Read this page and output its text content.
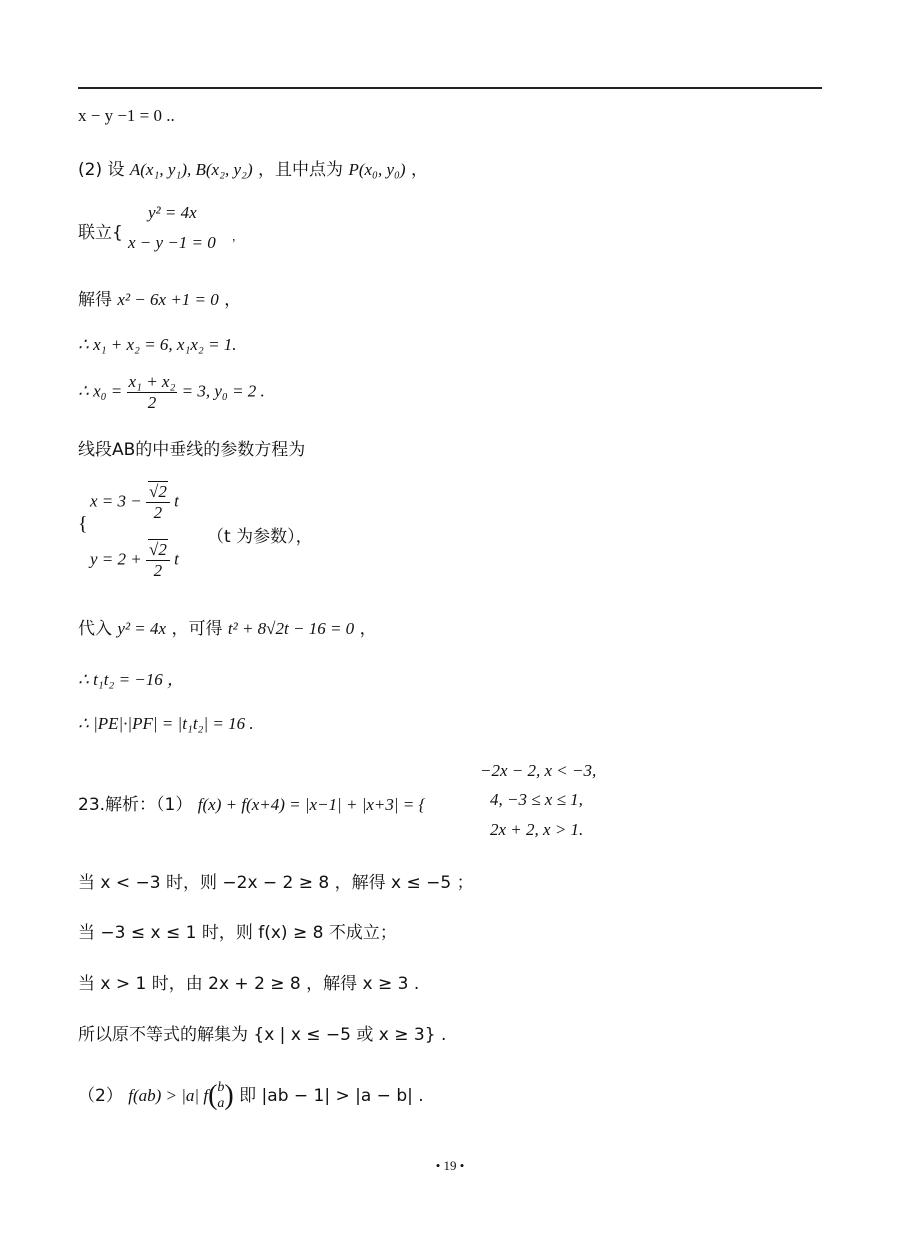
x − y −1 = 0 ..
(2) 设 A(x₁, y₁), B(x₂, y₂) ，且中点为 P(x₀, y₀) ，
联立{
y² = 4x
x − y −1 = 0 ，
解得 x² − 6x +1 = 0 ，
∴ x₁ + x₂ = 6, x₁x₂ = 1.
∴ $x_0 = \frac{\text{x₁ + x₂}}{2} = 3$, y₀ = 2 .
线段AB的中垂线的参数方程为
{
$x = 3 - \frac{√2}{2}$ t
$y = 2 + \frac{√2}{2}$ t
（t 为参数），
代入 y² = 4x ，可得 t² + 8√2t − 16 = 0 ，
∴ t₁t₂ = −16 ，
∴ |PE|·|PF| = |t₁t₂| = 16 .
23.解析：（1） f(x) + f(x+4) = |x−1| + |x+3| = {
−2x − 2, x < −3,
4, −3 ≤ x ≤ 1,
2x + 2, x > 1.
当 x < −3 时，则 −2x − 2 ≥ 8 ，解得 x ≤ −5 ；
当 −3 ≤ x ≤ 1 时，则 f(x) ≥ 8 不成立；
当 x > 1 时，由 2x + 2 ≥ 8 ，解得 x ≥ 3 .
所以原不等式的解集为 {x | x ≤ −5 或 x ≥ 3} .
（2） f(ab) > |a| f( b
a ) 即 |ab − 1| > |a − b| .
• 19 •
